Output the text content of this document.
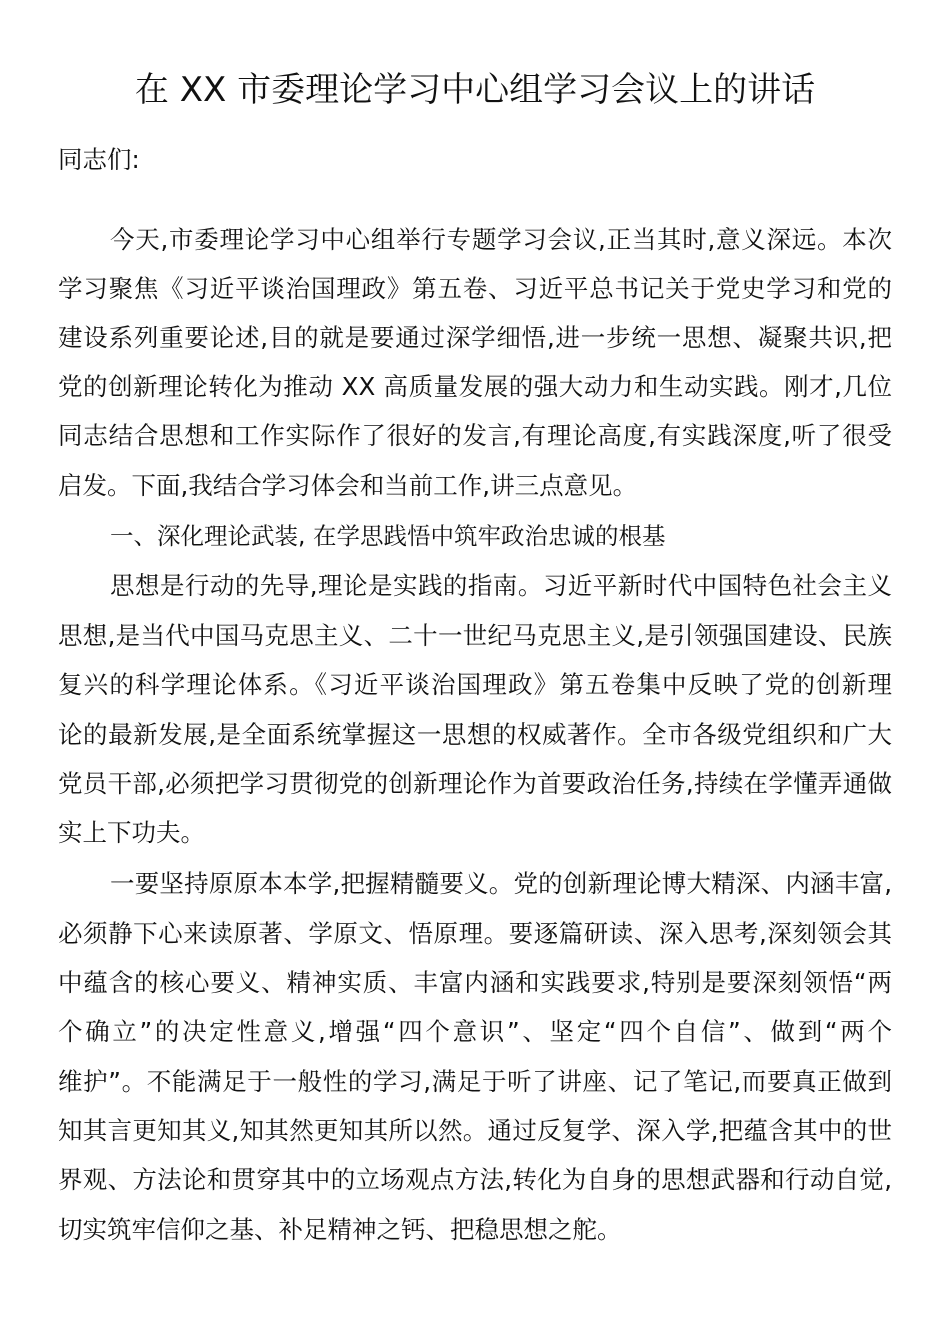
在 XX 市委理论学习中心组学习会议上的讲话
同志们:
今天,市委理论学习中心组举行专题学习会议,正当其时,意义深远。本次
学习聚焦《习近平谈治国理政》第五卷、习近平总书记关于党史学习和党的
建设系列重要论述,目的就是要通过深学细悟,进一步统一思想、凝聚共识,把
党的创新理论转化为推动 XX 高质量发展的强大动力和生动实践。刚才,几位
同志结合思想和工作实际作了很好的发言,有理论高度,有实践深度,听了很受
启发。下面,我结合学习体会和当前工作,讲三点意见。
一、深化理论武装, 在学思践悟中筑牢政治忠诚的根基
思想是行动的先导,理论是实践的指南。习近平新时代中国特色社会主义
思想,是当代中国马克思主义、二十一世纪马克思主义,是引领强国建设、民族
复兴的科学理论体系。《习近平谈治国理政》第五卷集中反映了党的创新理
论的最新发展,是全面系统掌握这一思想的权威著作。全市各级党组织和广大
党员干部,必须把学习贯彻党的创新理论作为首要政治任务,持续在学懂弄通做
实上下功夫。
一要坚持原原本本学,把握精髓要义。党的创新理论博大精深、内涵丰富,
必须静下心来读原著、学原文、悟原理。要逐篇研读、深入思考,深刻领会其
中蕴含的核心要义、精神实质、丰富内涵和实践要求,特别是要深刻领悟“两
个确立”的决定性意义,增强“四个意识”、坚定“四个自信”、做到“两个
维护”。不能满足于一般性的学习,满足于听了讲座、记了笔记,而要真正做到
知其言更知其义,知其然更知其所以然。通过反复学、深入学,把蕴含其中的世
界观、方法论和贯穿其中的立场观点方法,转化为自身的思想武器和行动自觉,
切实筑牢信仰之基、补足精神之钙、把稳思想之舵。
